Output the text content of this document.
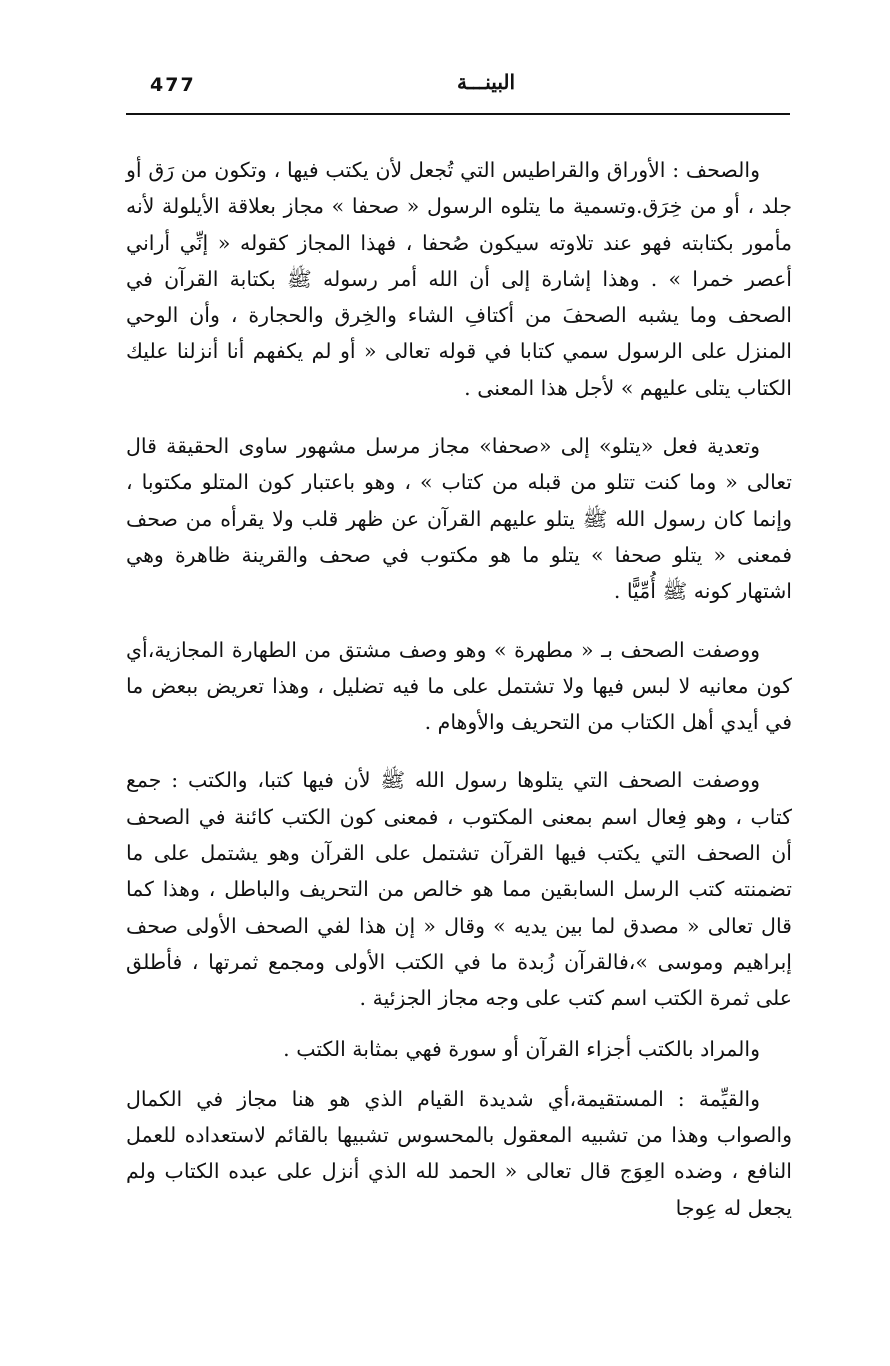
477	البينـــة

والصحف : الأوراق والقراطيس التي تُجعل لأن يكتب فيها ، وتكون من رَق أو جلد ، أو من خِرَق.وتسمية ما يتلوه الرسول « صحفا » مجاز بعلاقة الأيلولة لأنه مأمور بكتابته فهو عند تلاوته سيكون صُحفا ، فهذا المجاز كقوله « إنِّي أراني أعصر خمرا » . وهذا إشارة إلى أن الله أمر رسوله ﷺ بكتابة القرآن في الصحف وما يشبه الصحفَ من أكتافِ الشاء والخِرق والحجارة ، وأن الوحي المنزل على الرسول سمي كتابا في قوله تعالى « أو لم يكفهم أنا أنزلنا عليك الكتاب يتلى عليهم » لأجل هذا المعنى .

وتعدية فعل «يتلو» إلى «صحفا» مجاز مرسل مشهور ساوى الحقيقة قال تعالى « وما كنت تتلو من قبله من كتاب » ، وهو باعتبار كون المتلو مكتوبا ، وإنما كان رسول الله ﷺ يتلو عليهم القرآن عن ظهر قلب ولا يقرأه من صحف فمعنى « يتلو صحفا » يتلو ما هو مكتوب في صحف والقرينة ظاهرة وهي اشتهار كونه ﷺ أُمِّيًّا .

ووصفت الصحف بـ « مطهرة » وهو وصف مشتق من الطهارة المجازية،أي كون معانيه لا لبس فيها ولا تشتمل على ما فيه تضليل ، وهذا تعريض ببعض ما في أيدي أهل الكتاب من التحريف والأوهام .

ووصفت الصحف التي يتلوها رسول الله ﷺ لأن فيها كتبا، والكتب : جمع كتاب ، وهو فِعال اسم بمعنى المكتوب ، فمعنى كون الكتب كائنة في الصحف أن الصحف التي يكتب فيها القرآن تشتمل على القرآن وهو يشتمل على ما تضمنته كتب الرسل السابقين مما هو خالص من التحريف والباطل ، وهذا كما قال تعالى « مصدق لما بين يديه » وقال « إن هذا لفي الصحف الأولى صحف إبراهيم وموسى »،فالقرآن زُبدة ما في الكتب الأولى ومجمع ثمرتها ، فأطلق على ثمرة الكتب اسم كتب على وجه مجاز الجزئية .

والمراد بالكتب أجزاء القرآن أو سورة فهي بمثابة الكتب .

والقيِّمة : المستقيمة،أي شديدة القيام الذي هو هنا مجاز في الكمال والصواب وهذا من تشبيه المعقول بالمحسوس تشبيها بالقائم لاستعداده للعمل النافع ، وضده العِوَج قال تعالى « الحمد لله الذي أنزل على عبده الكتاب ولم يجعل له عِوجا
